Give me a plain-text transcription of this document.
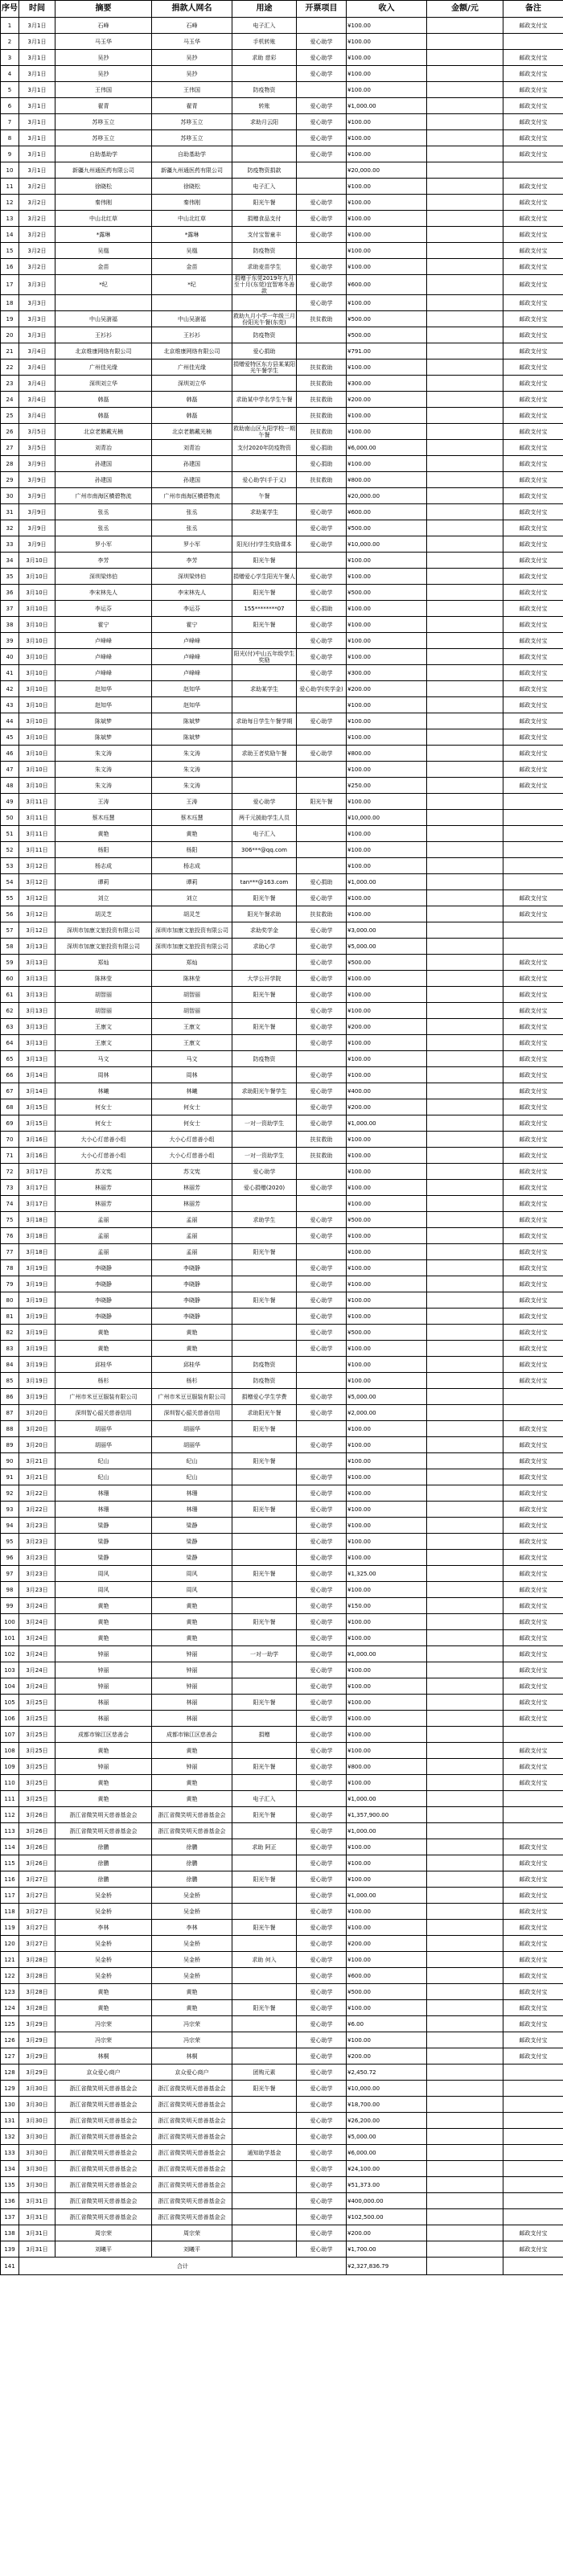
序号	时间	摘要	捐款人网名	用途	开票项目	收入	金额/元	备注
1	3月1日	石峰	石峰	电子汇入		¥100.00		邮政支付宝
2	3月1日	马玉华	马玉华	手机转账	爱心助学	¥100.00		
3	3月1日	吴抄	吴抄	求助 慈彩	爱心助学	¥100.00		邮政支付宝
4	3月1日	吴抄	吴抄		爱心助学	¥100.00		邮政支付宝
5	3月1日	王伟国	王伟国	防疫物资		¥100.00		邮政支付宝
6	3月1日	翟青	翟青	转账	爱心助学	¥1,000.00		邮政支付宝
7	3月1日	苏哆玉立	苏哆玉立	求助月云阳	爱心助学	¥100.00		邮政支付宝
8	3月1日	苏哆玉立	苏哆玉立		爱心助学	¥100.00		邮政支付宝
9	3月1日	自助基助学	自助基助学		爱心助学	¥100.00		邮政支付宝
10	3月1日	新疆九州通医药有限公司	新疆九州通医药有限公司	防疫物资捐款		¥20,000.00		
11	3月2日	徐晓松	徐晓松	电子汇入		¥100.00		邮政支付宝
12	3月2日	秦伟刚	秦伟刚	阳光午餐	爱心助学	¥100.00		邮政支付宝
13	3月2日	中山北红草	中山北红草	捐赠食品支付	爱心助学	¥100.00		邮政支付宝
14	3月2日	*露琳	*露琳	支付宝智童丰	爱心助学	¥100.00		邮政支付宝
15	3月2日	吴凰	吴凰	防疫物资		¥100.00		邮政支付宝
16	3月2日	金苗	金苗	求助麦苗学生	爱心助学	¥100.00		邮政支付宝
17	3月3日	*纪	*纪	捐赠于东莞2019年九月至十月(东莞)宜智寒冬善款	爱心助学	¥600.00		邮政支付宝
18	3月3日				爱心助学	¥100.00		邮政支付宝
19	3月3日	中山吴澍福	中山吴澍福	救助九月小学一年级三月份阳光午餐(东莞)	扶贫救助	¥500.00		邮政支付宝
20	3月3日	王衫衫	王衫衫	防疫物资		¥500.00		邮政支付宝
21	3月4日	北京维康网络有限公司	北京维康网络有限公司	爱心捐助		¥791.00		邮政支付宝
22	3月4日	广州佳光缘	广州佳光缘	捐赠爱特区东方县某某阳光午餐学生	扶贫救助	¥100.00		邮政支付宝
23	3月4日	深圳刘立华	深圳刘立华		扶贫救助	¥300.00		邮政支付宝
24	3月4日	韩磊	韩磊	求助某中学名学生午餐	扶贫救助	¥200.00		邮政支付宝
25	3月4日	韩磊	韩磊		扶贫救助	¥100.00		邮政支付宝
26	3月5日	北京老鹅戴光楠	北京老鹅戴光楠	救助南山区九阳学校一期午餐	扶贫救助	¥100.00		邮政支付宝
27	3月5日	刘青冶	刘青冶	支付2020年防疫物资	爱心捐助	¥6,000.00		邮政支付宝
28	3月9日	孙建国	孙建国		爱心捐助	¥100.00		邮政支付宝
29	3月9日	孙建国	孙建国	爱心助学(手于义)	扶贫救助	¥800.00		邮政支付宝
30	3月9日	广州市南海区横碧物流	广州市南海区横碧物流	午餐		¥20,000.00		邮政支付宝
31	3月9日	张丞	张丞	求助某学生	爱心助学	¥600.00		邮政支付宝
32	3月9日	张丞	张丞		爱心助学	¥500.00		邮政支付宝
33	3月9日	罗小军	罗小军	阳光(付)学生奖励课本	爱心助学	¥10,000.00		邮政支付宝
34	3月10日	李芳	李芳	阳光午餐		¥100.00		邮政支付宝
35	3月10日	深圳梁炜伯	深圳梁炜伯	捐赠爱心学生阳光午餐人	爱心助学	¥100.00		邮政支付宝
36	3月10日	李宋林先人	李宋林先人	阳光午餐	爱心助学	¥500.00		邮政支付宝
37	3月10日	李运芬	李运芬	155********07	爱心捐助	¥100.00		邮政支付宝
38	3月10日	霍宁	霍宁	阳光午餐	爱心助学	¥100.00		邮政支付宝
39	3月10日	卢峰峰	卢峰峰		爱心助学	¥100.00		邮政支付宝
40	3月10日	卢峰峰	卢峰峰	阳光(付)中山五年级学生奖励	爱心助学	¥100.00		邮政支付宝
41	3月10日	卢峰峰	卢峰峰		爱心助学	¥300.00		邮政支付宝
42	3月10日	赵知华	赵知华	求助某学生	爱心助学(奖学金)	¥200.00		邮政支付宝
43	3月10日	赵知华	赵知华			¥100.00		邮政支付宝
44	3月10日	陈斌梦	陈斌梦	求助每日学生午餐学期	爱心助学	¥100.00		邮政支付宝
45	3月10日	陈斌梦	陈斌梦			¥100.00		邮政支付宝
46	3月10日	朱文涛	朱文涛	求助王者奖励午餐	爱心助学	¥800.00		邮政支付宝
47	3月10日	朱文涛	朱文涛			¥100.00		邮政支付宝
48	3月10日	朱文涛	朱文涛			¥250.00		邮政支付宝
49	3月11日	王涛	王涛	爱心助学	阳光午餐	¥100.00		
50	3月11日	蔡木珏慧	蔡木珏慧	两千元援助学生人员		¥10,000.00		
51	3月11日	黄艳	黄艳	电子汇入		¥100.00		
52	3月11日	杨阳	杨阳	306***@qq.com		¥100.00		
53	3月12日	杨志成	杨志成			¥100.00		
54	3月12日	谭莉	谭莉	tan***@163.com	爱心捐助	¥1,000.00		
55	3月12日	刘立	刘立	阳光午餐	爱心助学	¥100.00		邮政支付宝
56	3月12日	胡灵芝	胡灵芝	阳光午餐求助	扶贫救助	¥100.00		邮政支付宝
57	3月12日	深圳市加康文旅投资有限公司	深圳市加康文旅投资有限公司	求助奖学金	爱心助学	¥3,000.00		
58	3月13日	深圳市加康文旅投资有限公司	深圳市加康文旅投资有限公司	求助心学	爱心助学	¥5,000.00		
59	3月13日	郑灿	郑灿		爱心助学	¥500.00		邮政支付宝
60	3月13日	陈林莹	陈林莹	大学公开学院	爱心助学	¥100.00		邮政支付宝
61	3月13日	胡智丽	胡智丽	阳光午餐	爱心助学	¥100.00		邮政支付宝
62	3月13日	胡智丽	胡智丽		爱心助学	¥100.00		邮政支付宝
63	3月13日	王康文	王康文	阳光午餐	爱心助学	¥200.00		邮政支付宝
64	3月13日	王康文	王康文		爱心助学	¥100.00		邮政支付宝
65	3月13日	马文	马文	防疫物资		¥100.00		邮政支付宝
66	3月14日	周林	周林		爱心助学	¥100.00		邮政支付宝
67	3月14日	林曦	林曦	求助阳光午餐学生	爱心助学	¥400.00		邮政支付宝
68	3月15日	何女士	何女士		爱心助学	¥200.00		邮政支付宝
69	3月15日	何女士	何女士	一对一资助学生	爱心助学	¥1,000.00		邮政支付宝
70	3月16日	大小心灯慈善小组	大小心灯慈善小组		扶贫救助	¥100.00		邮政支付宝
71	3月16日	大小心灯慈善小组	大小心灯慈善小组	一对一资助学生	扶贫救助	¥100.00		邮政支付宝
72	3月17日	苏文宪	苏文宪	爱心助学		¥100.00		邮政支付宝
73	3月17日	林丽芳	林丽芳	爱心捐赠(2020)	爱心助学	¥100.00		邮政支付宝
74	3月17日	林丽芳	林丽芳			¥100.00		邮政支付宝
75	3月18日	孟丽	孟丽	求助学生	爱心助学	¥500.00		邮政支付宝
76	3月18日	孟丽	孟丽		爱心助学	¥100.00		邮政支付宝
77	3月18日	孟丽	孟丽	阳光午餐		¥100.00		邮政支付宝
78	3月19日	李晓静	李晓静		爱心助学	¥100.00		邮政支付宝
79	3月19日	李晓静	李晓静		爱心助学	¥100.00		邮政支付宝
80	3月19日	李晓静	李晓静	阳光午餐	爱心助学	¥100.00		邮政支付宝
81	3月19日	李晓静	李晓静		爱心助学	¥100.00		邮政支付宝
82	3月19日	黄艳	黄艳		爱心助学	¥500.00		邮政支付宝
83	3月19日	黄艳	黄艳		爱心助学	¥100.00		邮政支付宝
84	3月19日	邱桂华	邱桂华	防疫物资		¥100.00		邮政支付宝
85	3月19日	杨杉	杨杉	防疫物资		¥100.00		邮政支付宝
86	3月19日	广州市米豆豆服装有限公司	广州市米豆豆服装有限公司	捐赠爱心学生学费	爱心助学	¥5,000.00		
87	3月20日	深圳智心韶关慈善信用	深圳智心韶关慈善信用	求助阳光午餐	爱心助学	¥2,000.00		
88	3月20日	胡丽华	胡丽华	阳光午餐		¥100.00		邮政支付宝
89	3月20日	胡丽华	胡丽华		爱心助学	¥100.00		邮政支付宝
90	3月21日	纪山	纪山	阳光午餐		¥100.00		邮政支付宝
91	3月21日	纪山	纪山		爱心助学	¥100.00		邮政支付宝
92	3月22日	林珊	林珊		爱心助学	¥100.00		邮政支付宝
93	3月22日	林珊	林珊	阳光午餐	爱心助学	¥100.00		邮政支付宝
94	3月23日	梁静	梁静		爱心助学	¥100.00		邮政支付宝
95	3月23日	梁静	梁静		爱心助学	¥100.00		邮政支付宝
96	3月23日	梁静	梁静		爱心助学	¥100.00		邮政支付宝
97	3月23日	周风	周风	阳光午餐	爱心助学	¥1,325.00		邮政支付宝
98	3月23日	周风	周风		爱心助学	¥100.00		邮政支付宝
99	3月24日	黄艳	黄艳		爱心助学	¥150.00		邮政支付宝
100	3月24日	黄艳	黄艳	阳光午餐	爱心助学	¥100.00		邮政支付宝
101	3月24日	黄艳	黄艳		爱心助学	¥100.00		邮政支付宝
102	3月24日	钟丽	钟丽	一对一助学	爱心助学	¥1,000.00		邮政支付宝
103	3月24日	钟丽	钟丽		爱心助学	¥100.00		邮政支付宝
104	3月24日	钟丽	钟丽		爱心助学	¥100.00		邮政支付宝
105	3月25日	林丽	林丽	阳光午餐	爱心助学	¥100.00		邮政支付宝
106	3月25日	林丽	林丽		爱心助学	¥100.00		邮政支付宝
107	3月25日	成都市锦江区慈善会	成都市锦江区慈善会	捐赠	爱心助学	¥100.00		
108	3月25日	黄艳	黄艳		爱心助学	¥100.00		邮政支付宝
109	3月25日	钟丽	钟丽	阳光午餐	爱心助学	¥800.00		邮政支付宝
110	3月25日	黄艳	黄艳		爱心助学	¥100.00		邮政支付宝
111	3月25日	黄艳	黄艳	电子汇入		¥1,000.00		
112	3月26日	浙江省微笑明天慈善基金会	浙江省微笑明天慈善基金会	阳光午餐	爱心助学	¥1,357,900.00		
113	3月26日	浙江省微笑明天慈善基金会	浙江省微笑明天慈善基金会		爱心助学	¥1,000.00		
114	3月26日	徐鹏	徐鹏	求助 阿正	爱心助学	¥100.00		邮政支付宝
115	3月26日	徐鹏	徐鹏		爱心助学	¥100.00		邮政支付宝
116	3月27日	徐鹏	徐鹏	阳光午餐	爱心助学	¥100.00		邮政支付宝
117	3月27日	吴金桥	吴金桥		爱心助学	¥1,000.00		邮政支付宝
118	3月27日	吴金桥	吴金桥		爱心助学	¥100.00		邮政支付宝
119	3月27日	李林	李林	阳光午餐	爱心助学	¥100.00		邮政支付宝
120	3月27日	吴金桥	吴金桥		爱心助学	¥200.00		邮政支付宝
121	3月28日	吴金桥	吴金桥	求助 何入	爱心助学	¥100.00		邮政支付宝
122	3月28日	吴金桥	吴金桥		爱心助学	¥600.00		邮政支付宝
123	3月28日	黄艳	黄艳		爱心助学	¥500.00		邮政支付宝
124	3月28日	黄艳	黄艳	阳光午餐	爱心助学	¥100.00		邮政支付宝
125	3月29日	冯宗荣	冯宗荣		爱心助学	¥6.00		邮政支付宝
126	3月29日	冯宗荣	冯宗荣		爱心助学	¥100.00		邮政支付宝
127	3月29日	林桐	林桐		爱心助学	¥200.00		邮政支付宝
128	3月29日	京众爱心商户	京众爱心商户	团购元素	爱心助学	¥2,450.72		
129	3月30日	浙江省微笑明天慈善基金会	浙江省微笑明天慈善基金会	阳光午餐	爱心助学	¥10,000.00		
130	3月30日	浙江省微笑明天慈善基金会	浙江省微笑明天慈善基金会		爱心助学	¥18,700.00		
131	3月30日	浙江省微笑明天慈善基金会	浙江省微笑明天慈善基金会		爱心助学	¥26,200.00		
132	3月30日	浙江省微笑明天慈善基金会	浙江省微笑明天慈善基金会		爱心助学	¥5,000.00		
133	3月30日	浙江省微笑明天慈善基金会	浙江省微笑明天慈善基金会	通知助学基金	爱心助学	¥6,000.00		
134	3月30日	浙江省微笑明天慈善基金会	浙江省微笑明天慈善基金会		爱心助学	¥24,100.00		
135	3月30日	浙江省微笑明天慈善基金会	浙江省微笑明天慈善基金会		爱心助学	¥51,373.00		
136	3月31日	浙江省微笑明天慈善基金会	浙江省微笑明天慈善基金会		爱心助学	¥400,000.00		
137	3月31日	浙江省微笑明天慈善基金会	浙江省微笑明天慈善基金会		爱心助学	¥102,500.00		
138	3月31日	周宗荣	周宗荣		爱心助学	¥200.00		邮政支付宝
139	3月31日	刘曦平	刘曦平		爱心助学	¥1,700.00		邮政支付宝
141	合计					¥2,327,836.79		
